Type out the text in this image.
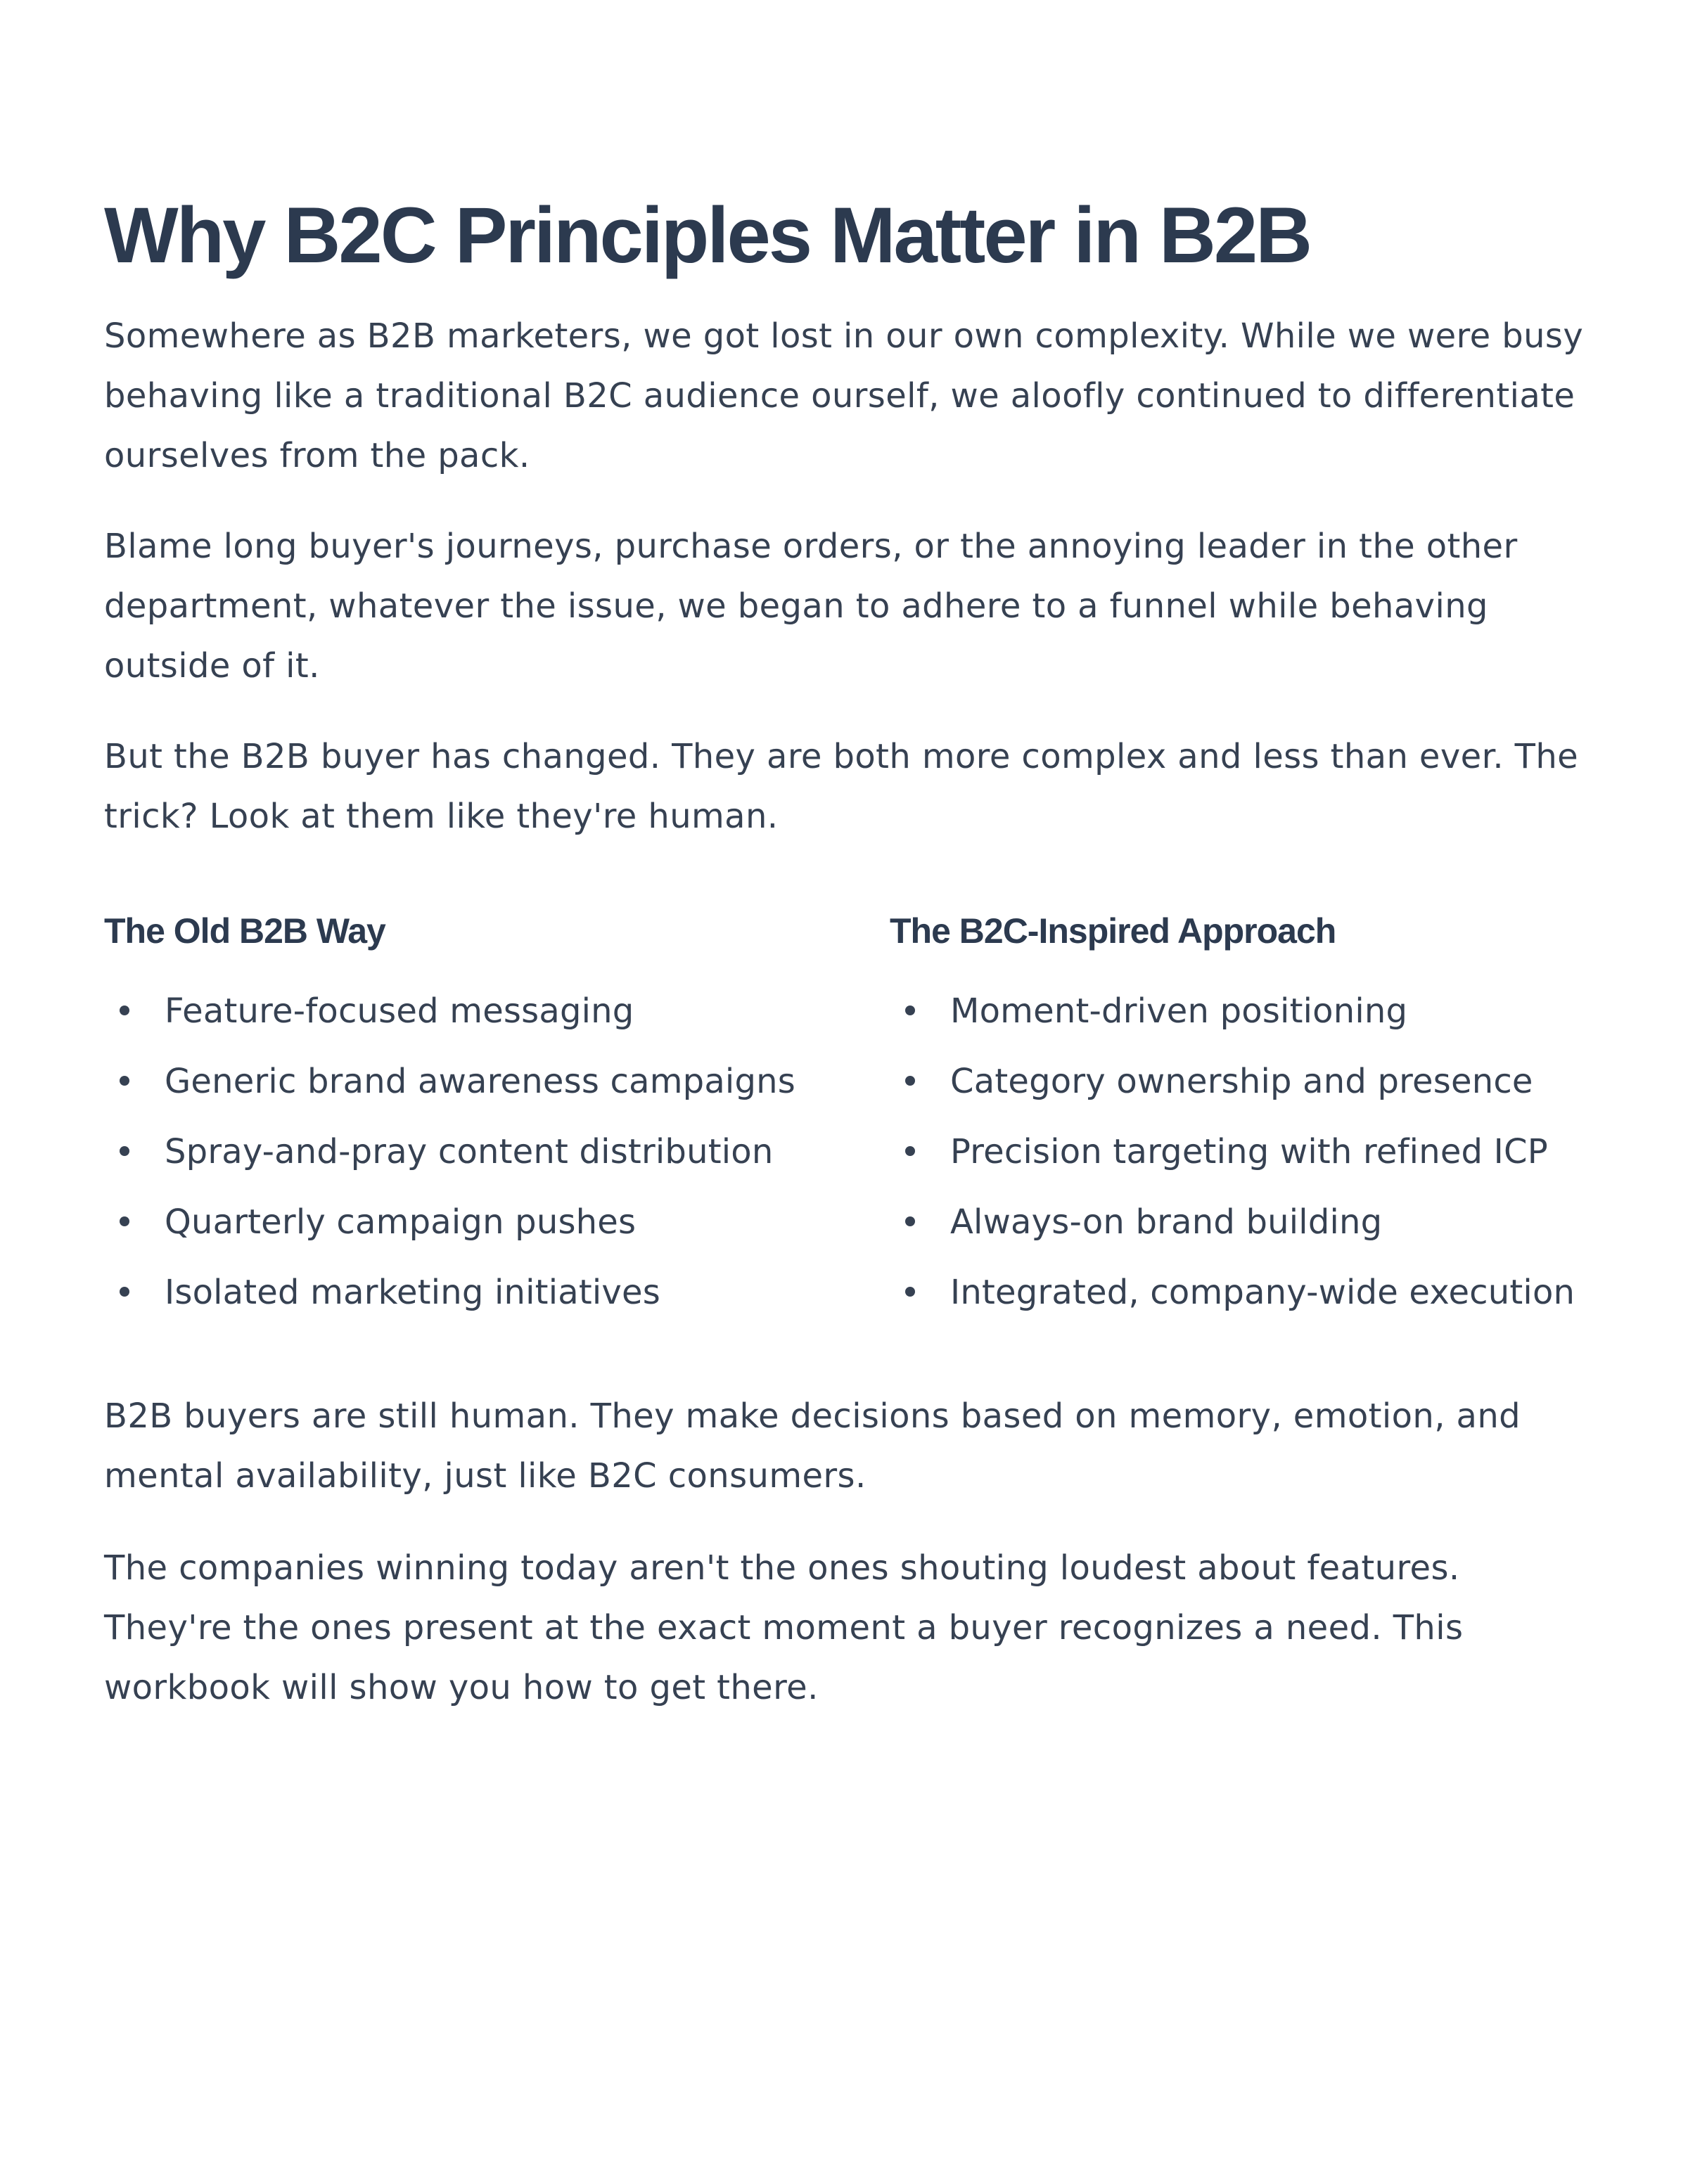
Why B2C Principles Matter in B2B

Somewhere as B2B marketers, we got lost in our own complexity. While we were busy behaving like a traditional B2C audience ourself, we aloofly continued to differentiate ourselves from the pack.

Blame long buyer's journeys, purchase orders, or the annoying leader in the other department, whatever the issue, we began to adhere to a funnel while behaving outside of it.

But the B2B buyer has changed. They are both more complex and less than ever. The trick? Look at them like they're human.

The Old B2B Way
Feature-focused messaging
Generic brand awareness campaigns
Spray-and-pray content distribution
Quarterly campaign pushes
Isolated marketing initiatives
The B2C-Inspired Approach
Moment-driven positioning
Category ownership and presence
Precision targeting with refined ICP
Always-on brand building
Integrated, company-wide execution

B2B buyers are still human. They make decisions based on memory, emotion, and mental availability, just like B2C consumers.

The companies winning today aren't the ones shouting loudest about features. They're the ones present at the exact moment a buyer recognizes a need. This workbook will show you how to get there.
